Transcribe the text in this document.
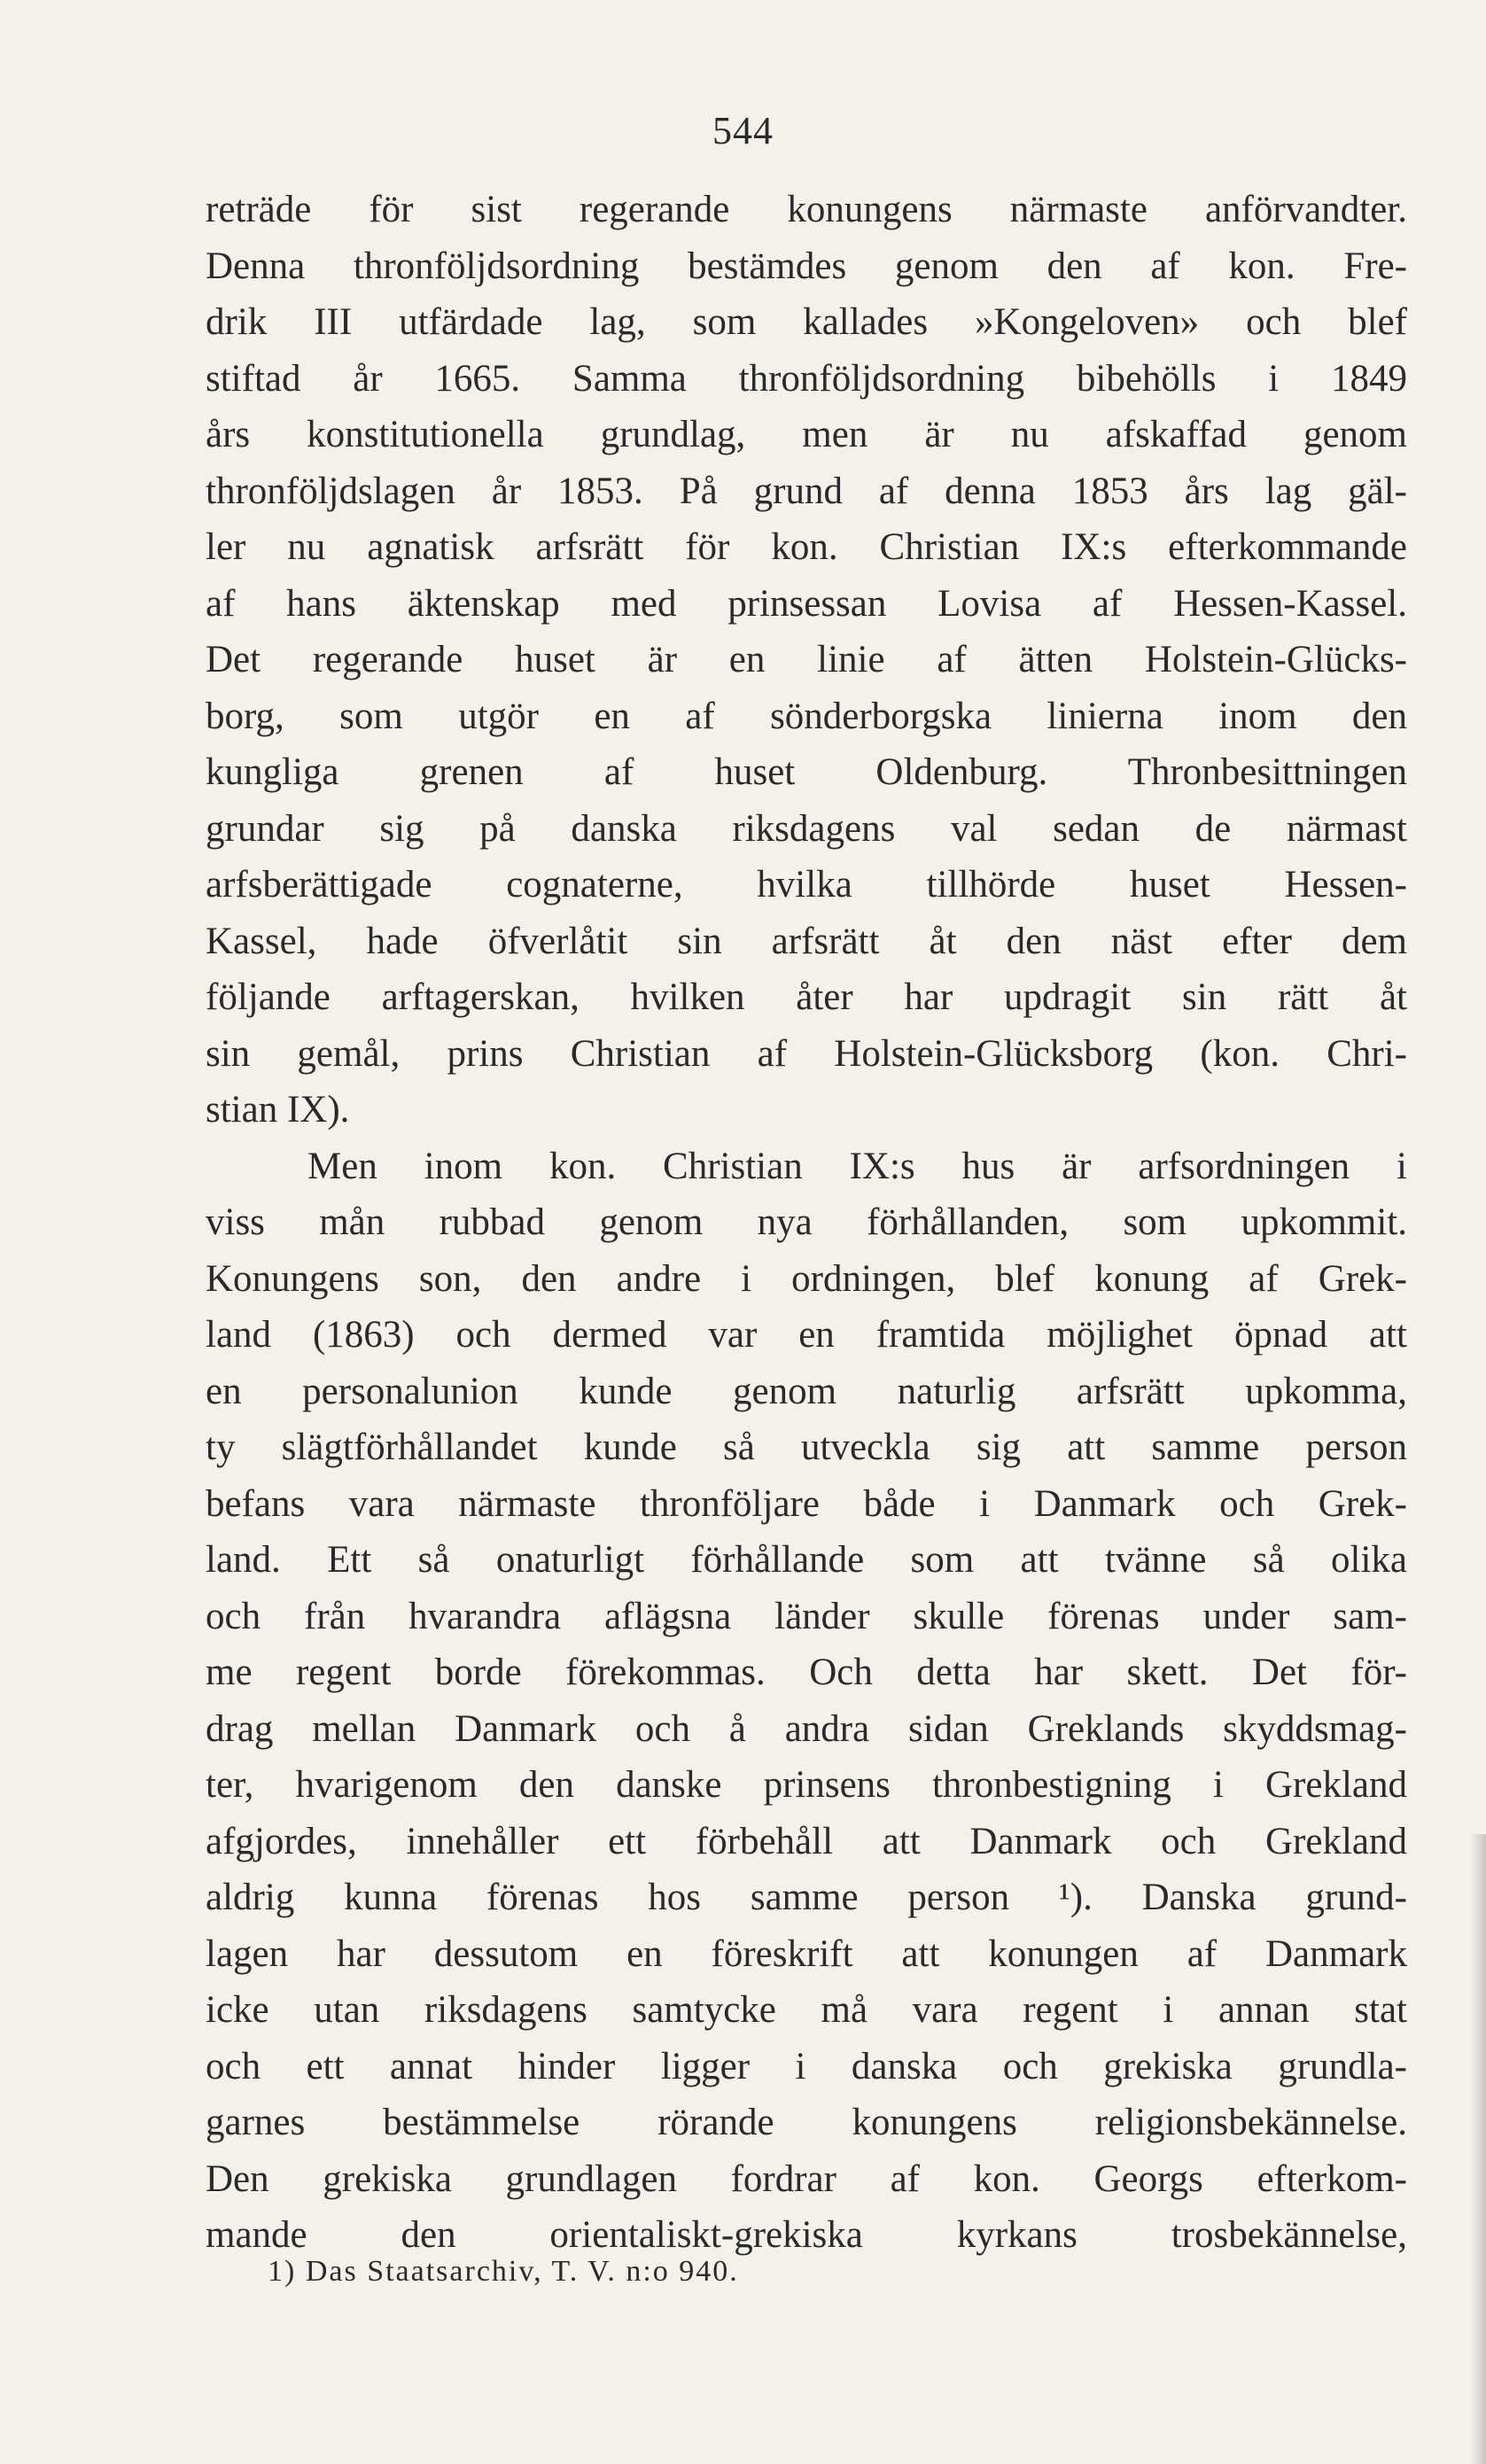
544
reträde för sist regerande konungens närmaste anförvandter.
Denna thronföljdsordning bestämdes genom den af kon. Fre-
drik III utfärdade lag, som kallades »Kongeloven» och blef
stiftad år 1665. Samma thronföljdsordning bibehölls i 1849
års konstitutionella grundlag, men är nu afskaffad genom
thronföljdslagen år 1853. På grund af denna 1853 års lag gäl-
ler nu agnatisk arfsrätt för kon. Christian IX:s efterkommande
af hans äktenskap med prinsessan Lovisa af Hessen-Kassel.
Det regerande huset är en linie af ätten Holstein-Glücks-
borg, som utgör en af sönderborgska linierna inom den
kungliga grenen af huset Oldenburg. Thronbesittningen
grundar sig på danska riksdagens val sedan de närmast
arfsberättigade cognaterne, hvilka tillhörde huset Hessen-
Kassel, hade öfverlåtit sin arfsrätt åt den näst efter dem
följande arftagerskan, hvilken åter har updragit sin rätt åt
sin gemål, prins Christian af Holstein-Glücksborg (kon. Chri-
stian IX).
Men inom kon. Christian IX:s hus är arfsordningen i
viss mån rubbad genom nya förhållanden, som upkommit.
Konungens son, den andre i ordningen, blef konung af Grek-
land (1863) och dermed var en framtida möjlighet öpnad att
en personalunion kunde genom naturlig arfsrätt upkomma,
ty slägtförhållandet kunde så utveckla sig att samme person
befans vara närmaste thronföljare både i Danmark och Grek-
land. Ett så onaturligt förhållande som att tvänne så olika
och från hvarandra aflägsna länder skulle förenas under sam-
me regent borde förekommas. Och detta har skett. Det för-
drag mellan Danmark och å andra sidan Greklands skyddsmag-
ter, hvarigenom den danske prinsens thronbestigning i Grekland
afgjordes, innehåller ett förbehåll att Danmark och Grekland
aldrig kunna förenas hos samme person ¹). Danska grund-
lagen har dessutom en föreskrift att konungen af Danmark
icke utan riksdagens samtycke må vara regent i annan stat
och ett annat hinder ligger i danska och grekiska grundla-
garnes bestämmelse rörande konungens religionsbekännelse.
Den grekiska grundlagen fordrar af kon. Georgs efterkom-
mande den orientaliskt-grekiska kyrkans trosbekännelse,
1) Das Staatsarchiv, T. V. n:o 940.
